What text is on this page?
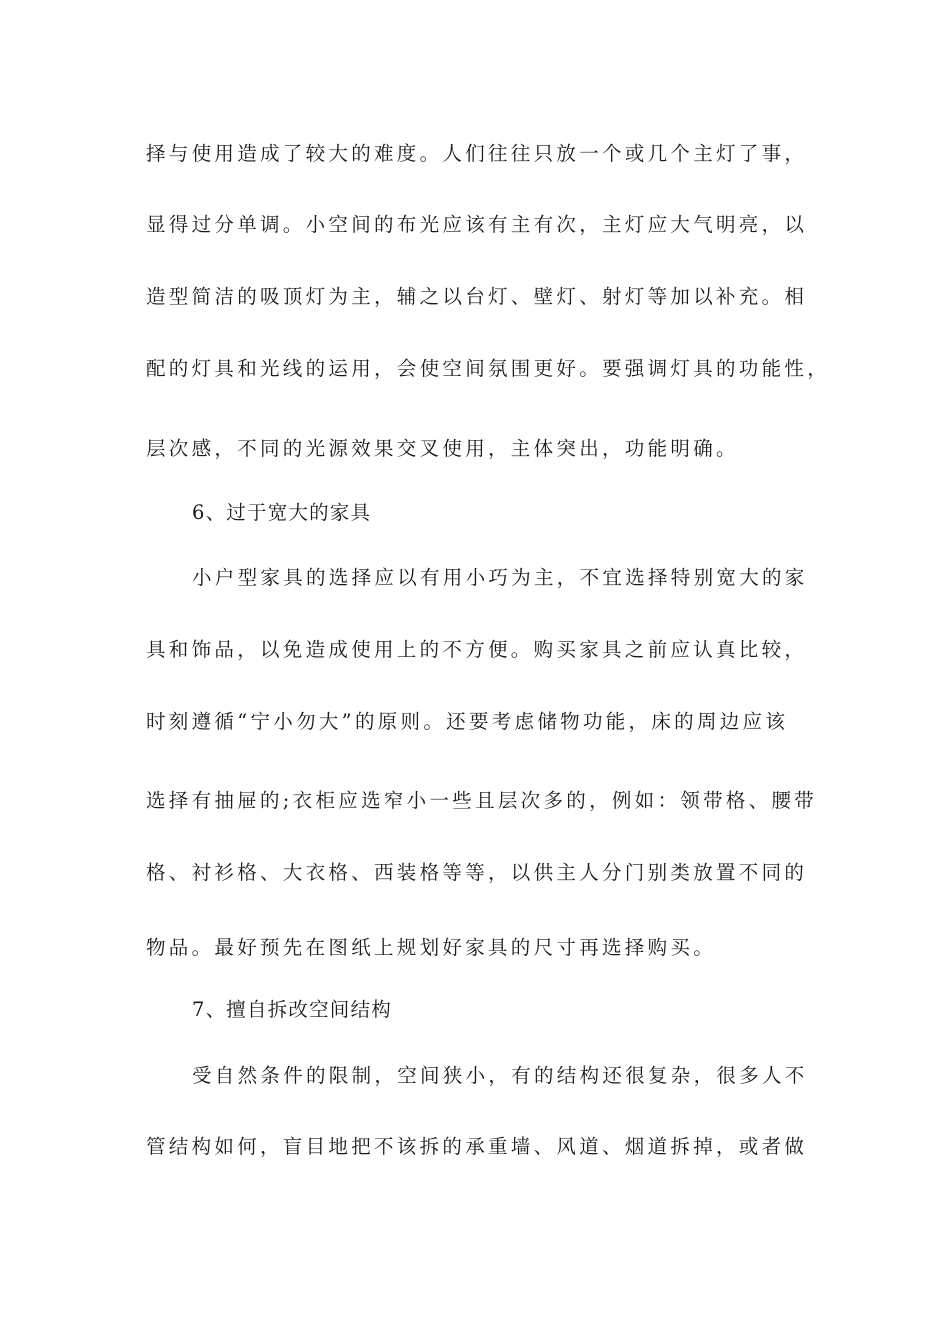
择与使用造成了较大的难度。人们往往只放一个或几个主灯了事，
显得过分单调。小空间的布光应该有主有次，主灯应大气明亮，以
造型简洁的吸顶灯为主，辅之以台灯、壁灯、射灯等加以补充。相
配的灯具和光线的运用，会使空间氛围更好。要强调灯具的功能性，
层次感，不同的光源效果交叉使用，主体突出，功能明确。
6、过于宽大的家具
小户型家具的选择应以有用小巧为主，不宜选择特别宽大的家
具和饰品，以免造成使用上的不方便。购买家具之前应认真比较，
时刻遵循“宁小勿大”的原则。还要考虑储物功能，床的周边应该
选择有抽屉的;衣柜应选窄小一些且层次多的，例如：领带格、腰带
格、衬衫格、大衣格、西装格等等，以供主人分门别类放置不同的
物品。最好预先在图纸上规划好家具的尺寸再选择购买。
7、擅自拆改空间结构
受自然条件的限制，空间狭小，有的结构还很复杂，很多人不
管结构如何，盲目地把不该拆的承重墙、风道、烟道拆掉，或者做
